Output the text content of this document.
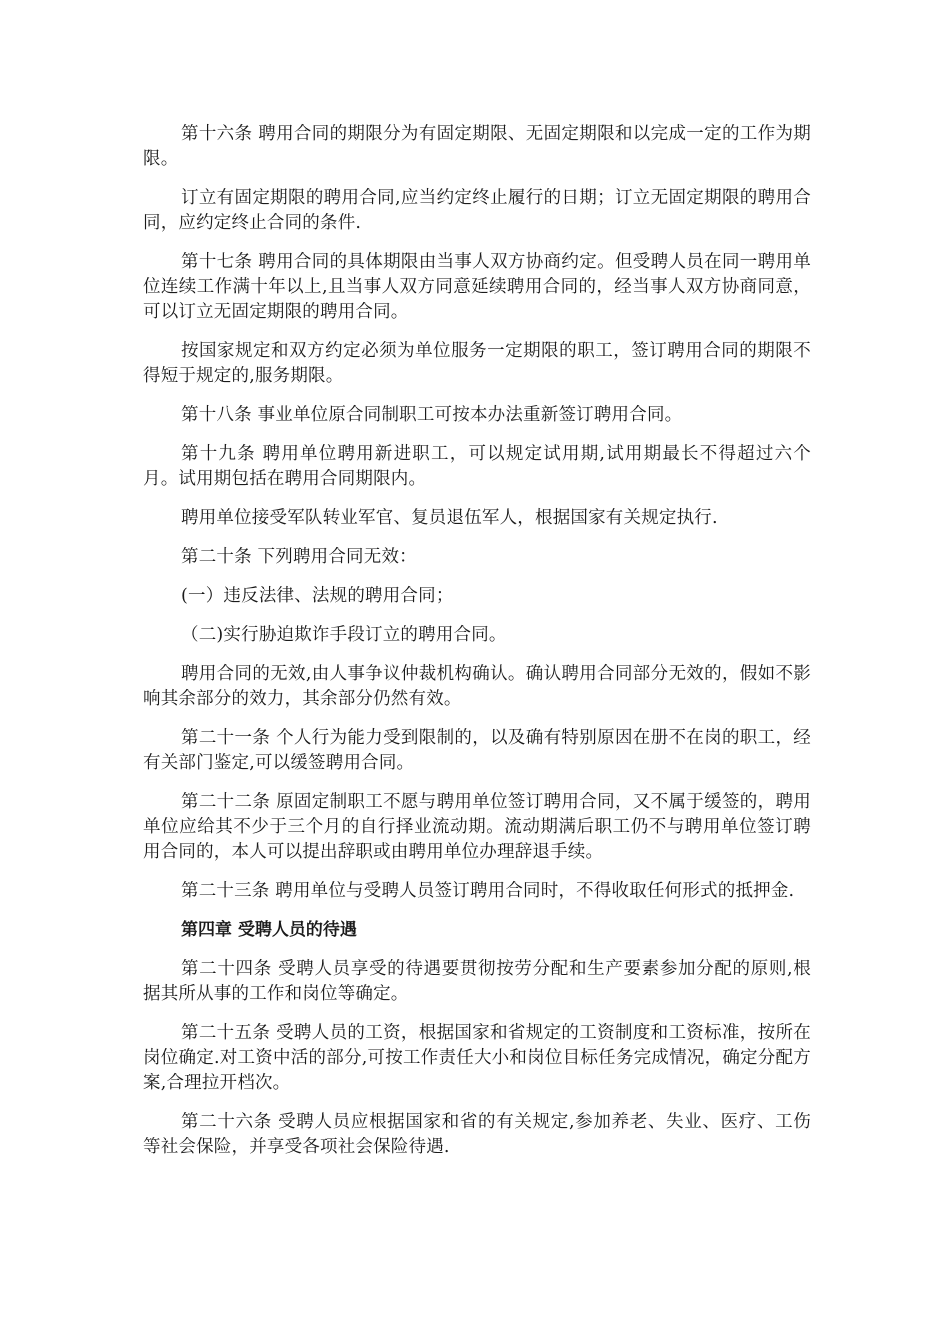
第十六条 聘用合同的期限分为有固定期限、无固定期限和以完成一定的工作为期限。

订立有固定期限的聘用合同,应当约定终止履行的日期；订立无固定期限的聘用合同，应约定终止合同的条件.

第十七条 聘用合同的具体期限由当事人双方协商约定。但受聘人员在同一聘用单位连续工作满十年以上,且当事人双方同意延续聘用合同的，经当事人双方协商同意，可以订立无固定期限的聘用合同。

按国家规定和双方约定必须为单位服务一定期限的职工，签订聘用合同的期限不得短于规定的,服务期限。

第十八条 事业单位原合同制职工可按本办法重新签订聘用合同。

第十九条 聘用单位聘用新进职工，可以规定试用期,试用期最长不得超过六个月。试用期包括在聘用合同期限内。

聘用单位接受军队转业军官、复员退伍军人，根据国家有关规定执行.

第二十条 下列聘用合同无效：

(一）违反法律、法规的聘用合同；

（二)实行胁迫欺诈手段订立的聘用合同。

聘用合同的无效,由人事争议仲裁机构确认。确认聘用合同部分无效的，假如不影响其余部分的效力，其余部分仍然有效。

第二十一条 个人行为能力受到限制的，以及确有特别原因在册不在岗的职工，经有关部门鉴定,可以缓签聘用合同。

第二十二条 原固定制职工不愿与聘用单位签订聘用合同，又不属于缓签的，聘用单位应给其不少于三个月的自行择业流动期。流动期满后职工仍不与聘用单位签订聘用合同的，本人可以提出辞职或由聘用单位办理辞退手续。

第二十三条 聘用单位与受聘人员签订聘用合同时，不得收取任何形式的抵押金.

第四章 受聘人员的待遇

第二十四条 受聘人员享受的待遇要贯彻按劳分配和生产要素参加分配的原则,根据其所从事的工作和岗位等确定。

第二十五条 受聘人员的工资，根据国家和省规定的工资制度和工资标准，按所在岗位确定.对工资中活的部分,可按工作责任大小和岗位目标任务完成情况，确定分配方案,合理拉开档次。

第二十六条 受聘人员应根据国家和省的有关规定,参加养老、失业、医疗、工伤等社会保险，并享受各项社会保险待遇.
